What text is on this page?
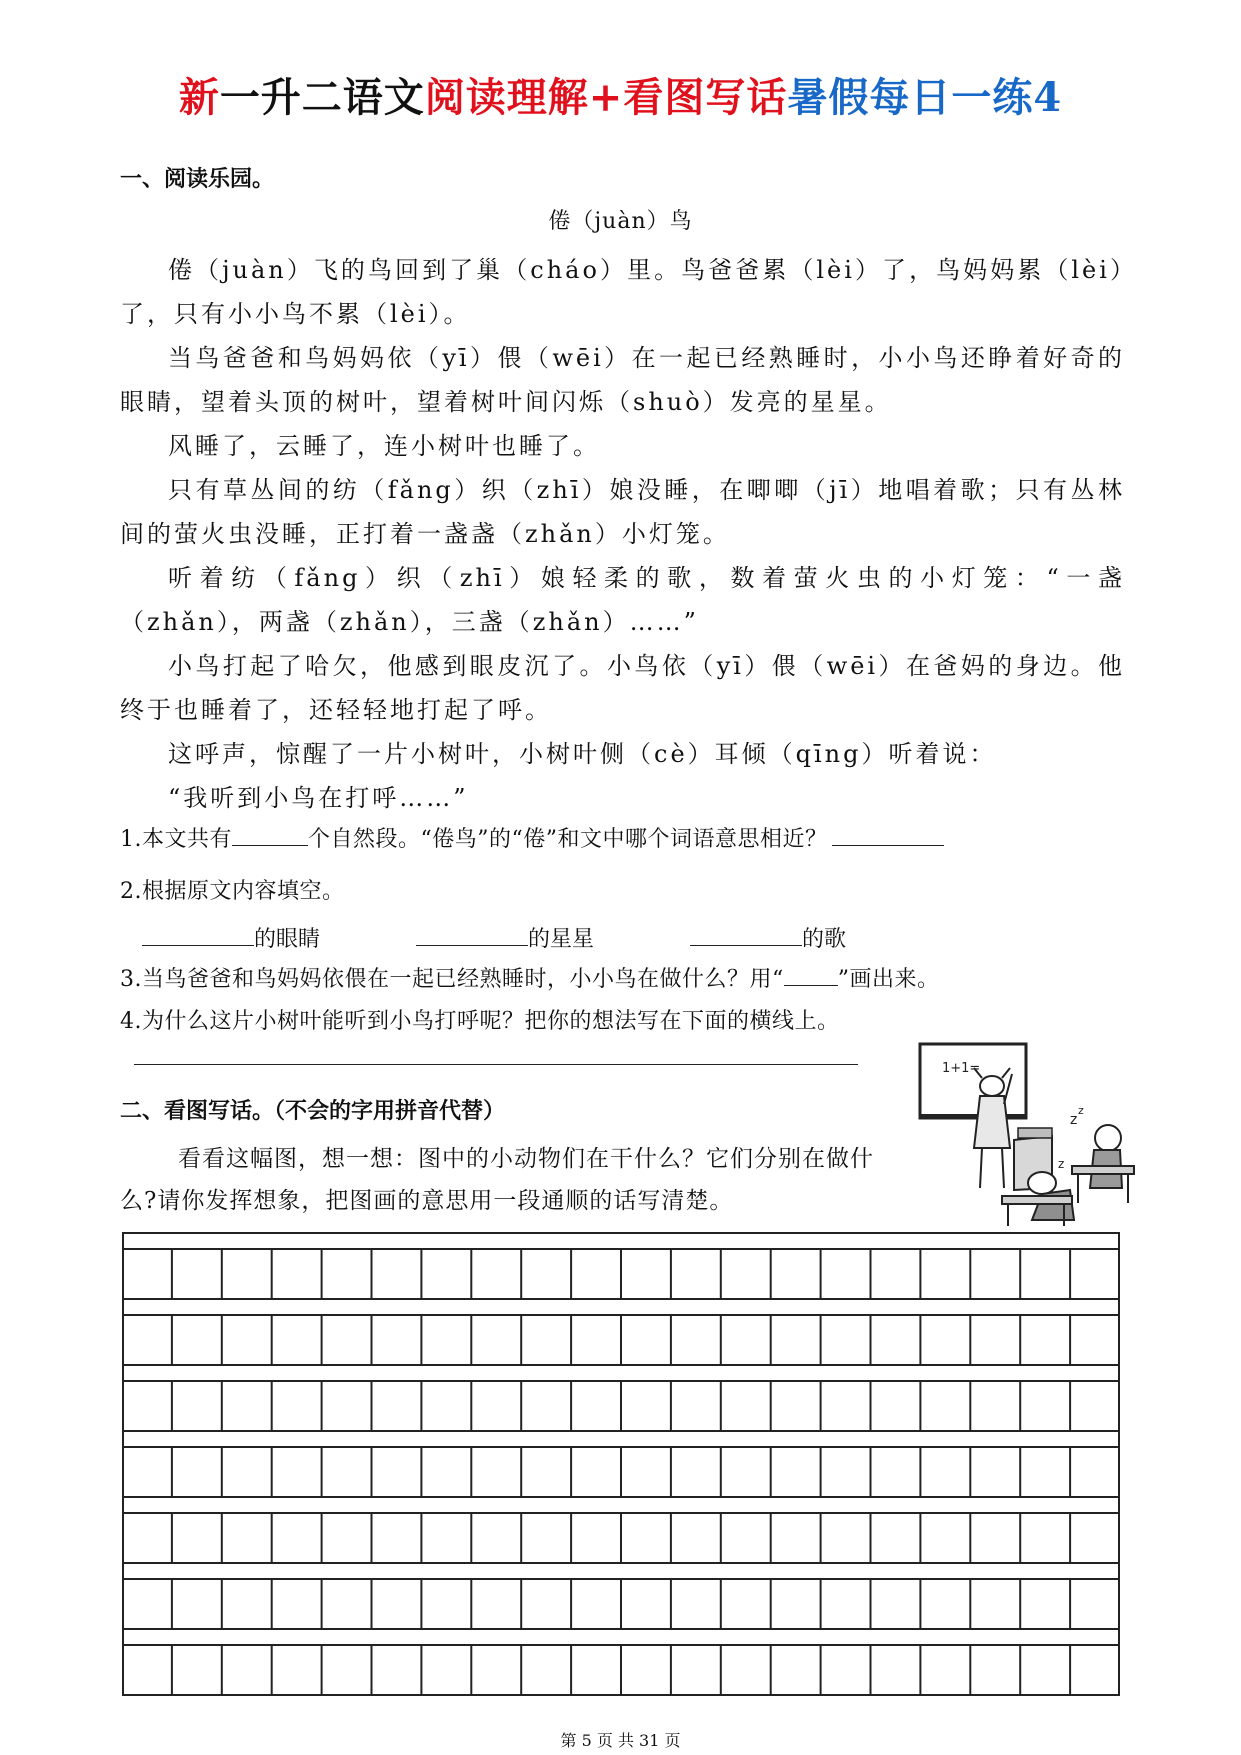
新一升二语文阅读理解+看图写话暑假每日一练4
一、阅读乐园。
倦（juàn）鸟

倦（juàn）飞的鸟回到了巢（cháo）里。鸟爸爸累（lèi）了，鸟妈妈累（lèi）了，只有小小鸟不累（lèi）。

当鸟爸爸和鸟妈妈依（yī）偎（wēi）在一起已经熟睡时，小小鸟还睁着好奇的眼睛，望着头顶的树叶，望着树叶间闪烁（shuò）发亮的星星。

风睡了，云睡了，连小树叶也睡了。

只有草丛间的纺（fǎng）织（zhī）娘没睡，在唧唧（jī）地唱着歌；只有丛林间的萤火虫没睡，正打着一盏盏（zhǎn）小灯笼。

听着纺（fǎng）织（zhī）娘轻柔的歌，数着萤火虫的小灯笼：“一盏（zhǎn），两盏（zhǎn），三盏（zhǎn）……”

小鸟打起了哈欠，他感到眼皮沉了。小鸟依（yī）偎（wēi）在爸妈的身边。他终于也睡着了，还轻轻地打起了呼。

这呼声，惊醒了一片小树叶，小树叶侧（cè）耳倾（qīng）听着说：

“我听到小鸟在打呼……”

1.本文共有	个自然段。“倦鸟”的“倦”和文中哪个词语意思相近？
2.根据原文内容填空。
的眼睛	的星星	的歌
3.当鸟爸爸和鸟妈妈依偎在一起已经熟睡时，小小鸟在做什么？用“ ”画出来。
4.为什么这片小树叶能听到小鸟打呼呢？把你的想法写在下面的横线上。
二、看图写话。（不会的字用拼音代替）
看看这幅图，想一想：图中的小动物们在干什么？它们分别在做什么?请你发挥想象，把图画的意思用一段通顺的话写清楚。
1+1=
z
z
z
第 5 页 共 31 页
